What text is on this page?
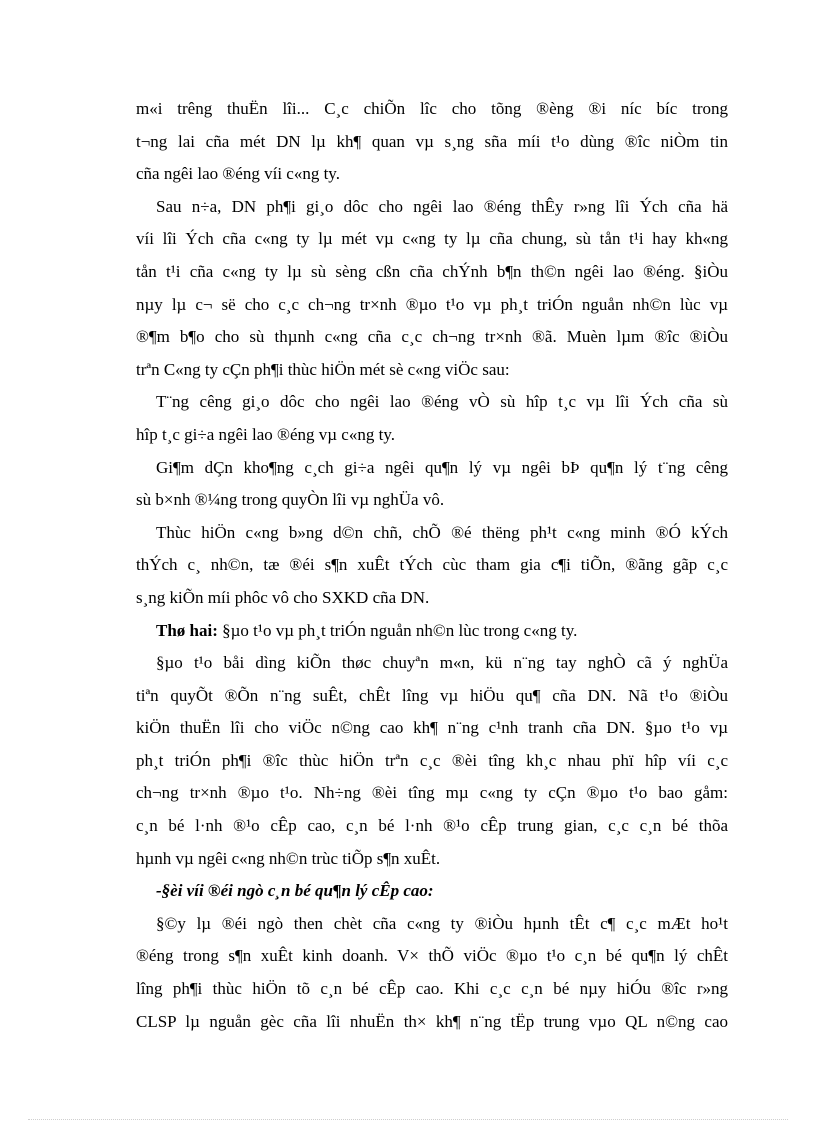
m«i trêng thuËn lîi... C¸c chiÕn lîc cho tõng ®èng ®i níc bíc trong
t¬ng lai cña mét DN lµ kh¶ quan vµ s¸ng sña míi t¹o dùng ®îc niÒm tin
cña ngêi lao ®éng víi c«ng ty.
Sau n÷a, DN ph¶i gi¸o dôc cho ngêi lao ®éng thÊy r»ng lîi Ých cña hä
víi lîi Ých cña c«ng ty lµ mét vµ c«ng ty lµ cña chung, sù tån t¹i hay kh«ng
tån t¹i cña c«ng ty lµ sù sèng cßn cña chÝnh b¶n th©n ngêi lao ®éng. §iÒu
nµy lµ c¬ së cho c¸c ch¬ng tr×nh ®µo t¹o vµ ph¸t triÓn nguån nh©n lùc vµ
®¶m b¶o cho sù thµnh c«ng cña c¸c ch¬ng tr×nh ®ã. Muèn lµm ®îc ®iÒu
trªn C«ng ty cÇn ph¶i thùc hiÖn mét sè c«ng viÖc sau:
T¨ng cêng gi¸o dôc cho ngêi lao ®éng vÒ sù hîp t¸c vµ lîi Ých cña sù
hîp t¸c gi÷a ngêi lao ®éng vµ c«ng ty.
Gi¶m dÇn kho¶ng c¸ch gi÷a ngêi qu¶n lý vµ ngêi bÞ qu¶n lý t¨ng cêng
sù b×nh ®¼ng trong quyÒn lîi vµ nghÜa vô.
Thùc hiÖn c«ng b»ng d©n chñ, chÕ ®é thëng ph¹t c«ng minh ®Ó kÝch
thÝch c¸ nh©n, tæ ®éi s¶n xuÊt tÝch cùc tham gia c¶i tiÕn, ®ãng gãp c¸c
s¸ng kiÕn míi phôc vô cho SXKD cña DN.
Thø hai: §µo t¹o vµ ph¸t triÓn nguån nh©n lùc trong c«ng ty.
§µo t¹o båi dìng kiÕn thøc chuyªn m«n, kü n¨ng tay nghÒ cã ý nghÜa
tiªn quyÕt ®Õn n¨ng suÊt, chÊt lîng vµ hiÖu qu¶ cña DN. Nã t¹o ®iÒu
kiÖn thuËn lîi cho viÖc n©ng cao kh¶ n¨ng c¹nh tranh cña DN. §µo t¹o vµ
ph¸t triÓn ph¶i ®îc thùc hiÖn trªn c¸c ®èi tîng kh¸c nhau phï hîp víi c¸c
ch¬ng tr×nh ®µo t¹o. Nh÷ng ®èi tîng mµ c«ng ty cÇn ®µo t¹o bao gåm:
c¸n bé l·nh ®¹o cÊp cao, c¸n bé l·nh ®¹o cÊp trung gian, c¸c c¸n bé thõa
hµnh vµ ngêi c«ng nh©n trùc tiÕp s¶n xuÊt.
-§èi víi ®éi ngò c¸n bé qu¶n lý cÊp cao:
§©y lµ ®éi ngò then chèt cña c«ng ty ®iÒu hµnh tÊt c¶ c¸c mÆt ho¹t
®éng trong s¶n xuÊt kinh doanh. V× thÕ viÖc ®µo t¹o c¸n bé qu¶n lý chÊt
lîng ph¶i thùc hiÖn tõ c¸n bé cÊp cao. Khi c¸c c¸n bé nµy hiÓu ®îc r»ng
CLSP lµ nguån gèc cña lîi nhuËn th× kh¶ n¨ng tËp trung vµo QL n©ng cao
